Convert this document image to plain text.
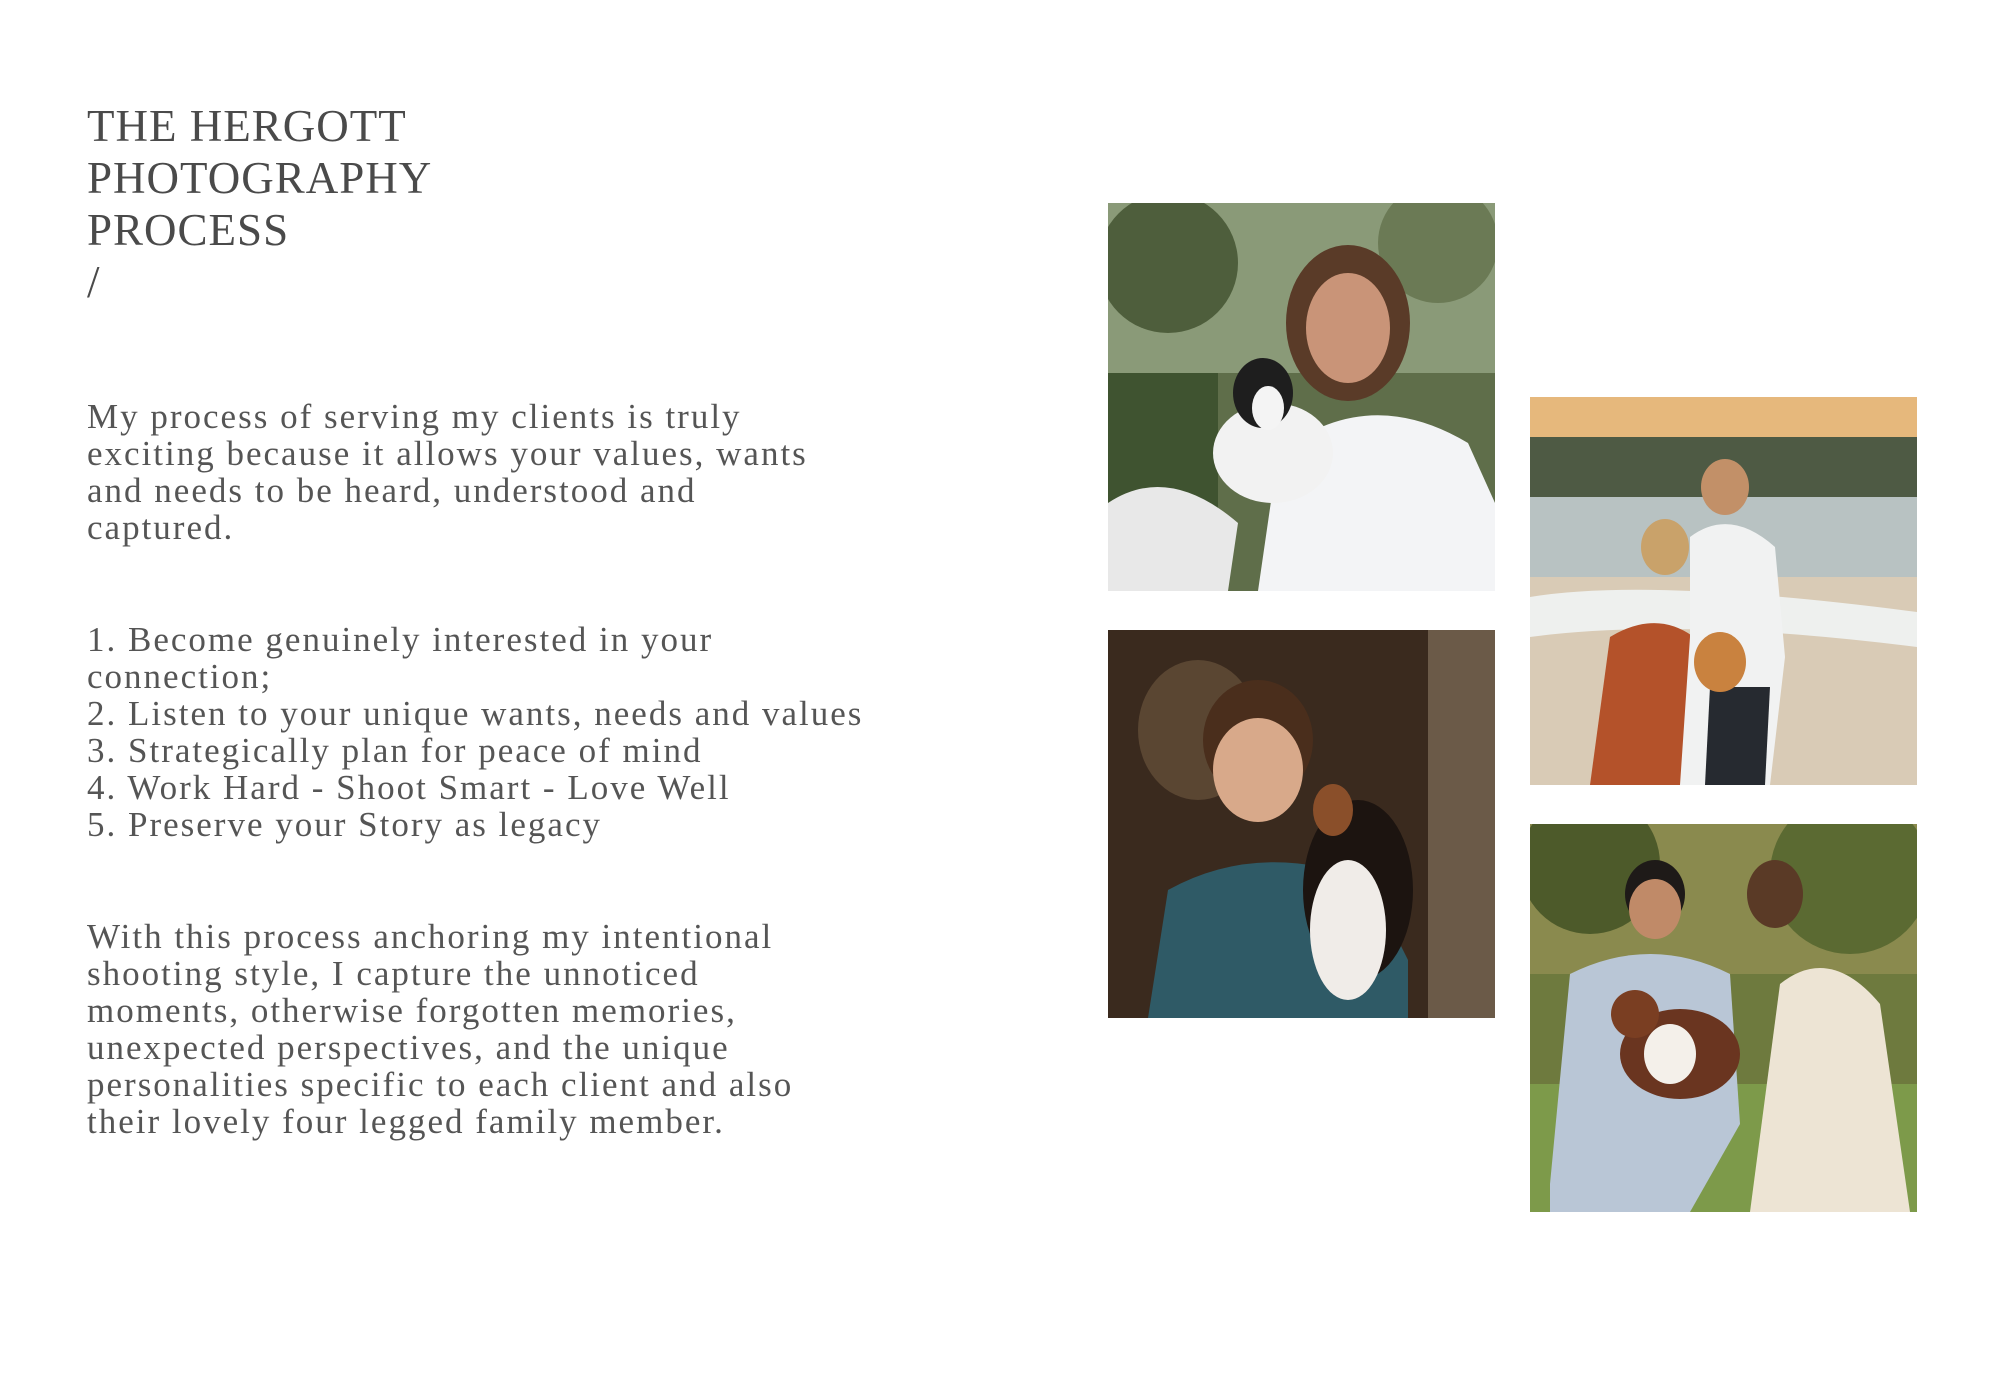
THE HERGOTT
PHOTOGRAPHY
PROCESS
/

My process of serving my clients is truly
exciting because it allows your values, wants
and needs to be heard, understood and
captured.

1. Become genuinely interested in your
connection;
2. Listen to your unique wants, needs and values
3. Strategically plan for peace of mind
4. Work Hard - Shoot Smart - Love Well
5. Preserve your Story as legacy

With this process anchoring my intentional
shooting style, I capture the unnoticed
moments, otherwise forgotten memories,
unexpected perspectives, and the unique
personalities specific to each client and also
their lovely four legged family member.
